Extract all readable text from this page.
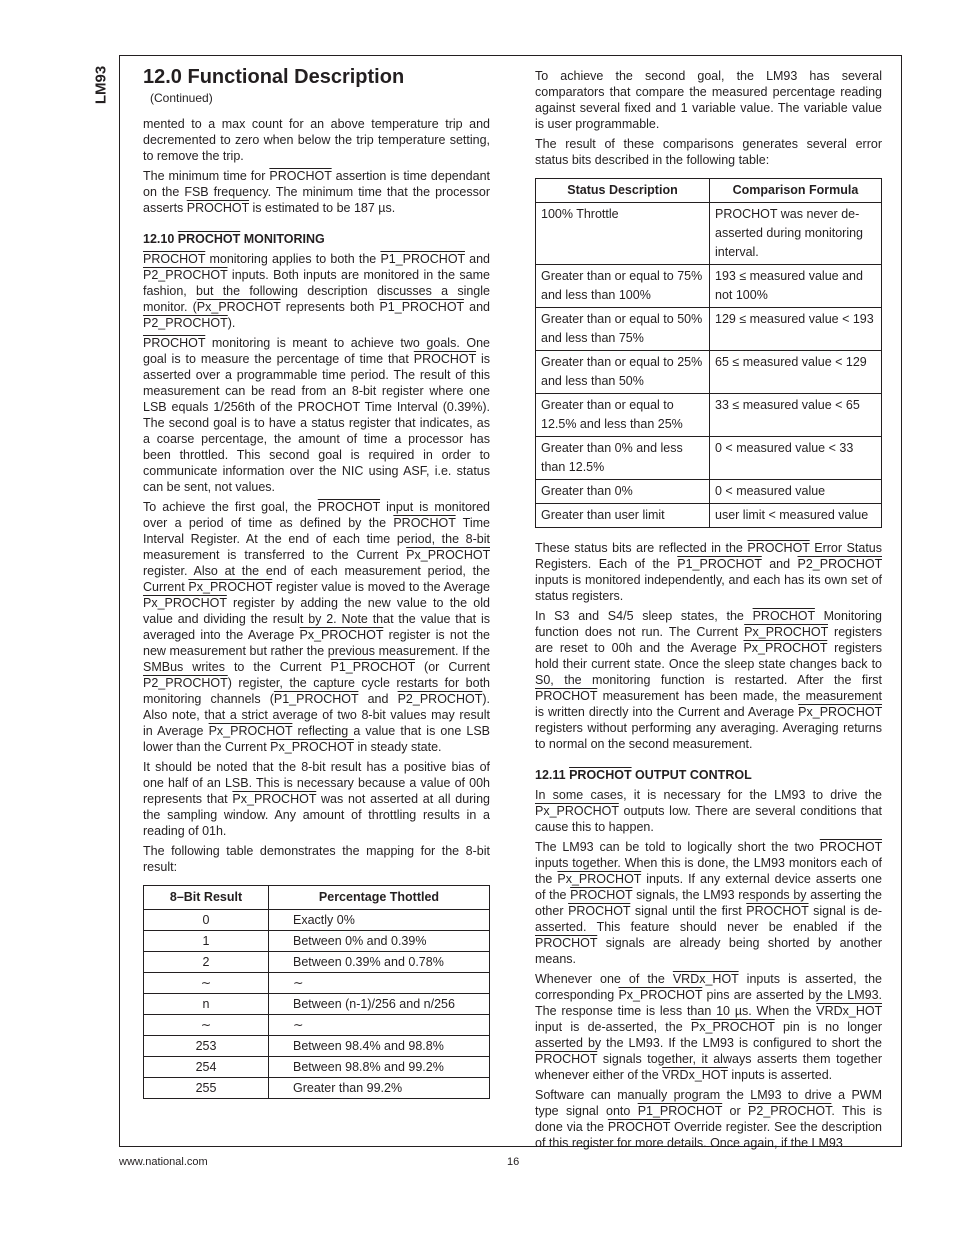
LM93 12.0 Functional Description
(Continued)

mented to a max count for an above temperature trip and decremented to zero when below the trip temperature setting, to remove the trip.

The minimum time for PROCHOT assertion is time dependant on the FSB frequency. The minimum time that the processor asserts PROCHOT is estimated to be 187 µs.

12.10 PROCHOT MONITORING

PROCHOT monitoring applies to both the P1_PROCHOT and P2_PROCHOT inputs. Both inputs are monitored in the same fashion, but the following description discusses a single monitor. (Px_PROCHOT represents both P1_PROCHOT and P2_PROCHOT).

PROCHOT monitoring is meant to achieve two goals. One goal is to measure the percentage of time that PROCHOT is asserted over a programmable time period. The result of this measurement can be read from an 8-bit register where one LSB equals 1/256th of the PROCHOT Time Interval (0.39%). The second goal is to have a status register that indicates, as a coarse percentage, the amount of time a processor has been throttled. This second goal is required in order to communicate information over the NIC using ASF, i.e. status can be sent, not values.

To achieve the first goal, the PROCHOT input is monitored over a period of time as defined by the PROCHOT Time Interval Register. At the end of each time period, the 8-bit measurement is transferred to the Current Px_PROCHOT register. Also at the end of each measurement period, the Current Px_PROCHOT register value is moved to the Average Px_PROCHOT register by adding the new value to the old value and dividing the result by 2. Note that the value that is averaged into the Average Px_PROCHOT register is not the new measurement but rather the previous measurement. If the SMBus writes to the Current P1_PROCHOT (or Current P2_PROCHOT) register, the capture cycle restarts for both monitoring channels (P1_PROCHOT and P2_PROCHOT). Also note, that a strict average of two 8-bit values may result in Average Px_PROCHOT reflecting a value that is one LSB lower than the Current Px_PROCHOT in steady state.

It should be noted that the 8-bit result has a positive bias of one half of an LSB. This is necessary because a value of 00h represents that Px_PROCHOT was not asserted at all during the sampling window. Any amount of throttling results in a reading of 01h.

The following table demonstrates the mapping for the 8-bit result:

8–Bit Result	Percentage Thottled
0	Exactly 0%
1	Between 0% and 0.39%
2	Between 0.39% and 0.78%
∼	∼
n	Between (n-1)/256 and n/256
∼	∼
253	Between 98.4% and 98.8%
254	Between 98.8% and 99.2%
255	Greater than 99.2%

To achieve the second goal, the LM93 has several comparators that compare the measured percentage reading against several fixed and 1 variable value. The variable value is user programmable.

The result of these comparisons generates several error status bits described in the following table:

Status Description	Comparison Formula
100% Throttle	PROCHOT was never de-asserted during monitoring interval.
Greater than or equal to 75% and less than 100%	193 ≤ measured value and not 100%
Greater than or equal to 50% and less than 75%	129 ≤ measured value < 193
Greater than or equal to 25% and less than 50%	65 ≤ measured value < 129
Greater than or equal to 12.5% and less than 25%	33 ≤ measured value < 65
Greater than 0% and less than 12.5%	0 < measured value < 33
Greater than 0%	0 < measured value
Greater than user limit	user limit < measured value

These status bits are reflected in the PROCHOT Error Status Registers. Each of the P1_PROCHOT and P2_PROCHOT inputs is monitored independently, and each has its own set of status registers.

In S3 and S4/5 sleep states, the PROCHOT Monitoring function does not run. The Current Px_PROCHOT registers are reset to 00h and the Average Px_PROCHOT registers hold their current state. Once the sleep state changes back to S0, the monitoring function is restarted. After the first PROCHOT measurement has been made, the measurement is written directly into the Current and Average Px_PROCHOT registers without performing any averaging. Averaging returns to normal on the second measurement.

12.11 PROCHOT OUTPUT CONTROL

In some cases, it is necessary for the LM93 to drive the Px_PROCHOT outputs low. There are several conditions that cause this to happen.

The LM93 can be told to logically short the two PROCHOT inputs together. When this is done, the LM93 monitors each of the Px_PROCHOT inputs. If any external device asserts one of the PROCHOT signals, the LM93 responds by asserting the other PROCHOT signal until the first PROCHOT signal is de-asserted. This feature should never be enabled if the PROCHOT signals are already being shorted by another means.

Whenever one of the VRDx_HOT inputs is asserted, the corresponding Px_PROCHOT pins are asserted by the LM93. The response time is less than 10 µs. When the VRDx_HOT input is de-asserted, the Px_PROCHOT pin is no longer asserted by the LM93. If the LM93 is configured to short the PROCHOT signals together, it always asserts them together whenever either of the VRDx_HOT inputs is asserted.

Software can manually program the LM93 to drive a PWM type signal onto P1_PROCHOT or P2_PROCHOT. This is done via the PROCHOT Override register. See the description of this register for more details. Once again, if the LM93

www.national.com	16
